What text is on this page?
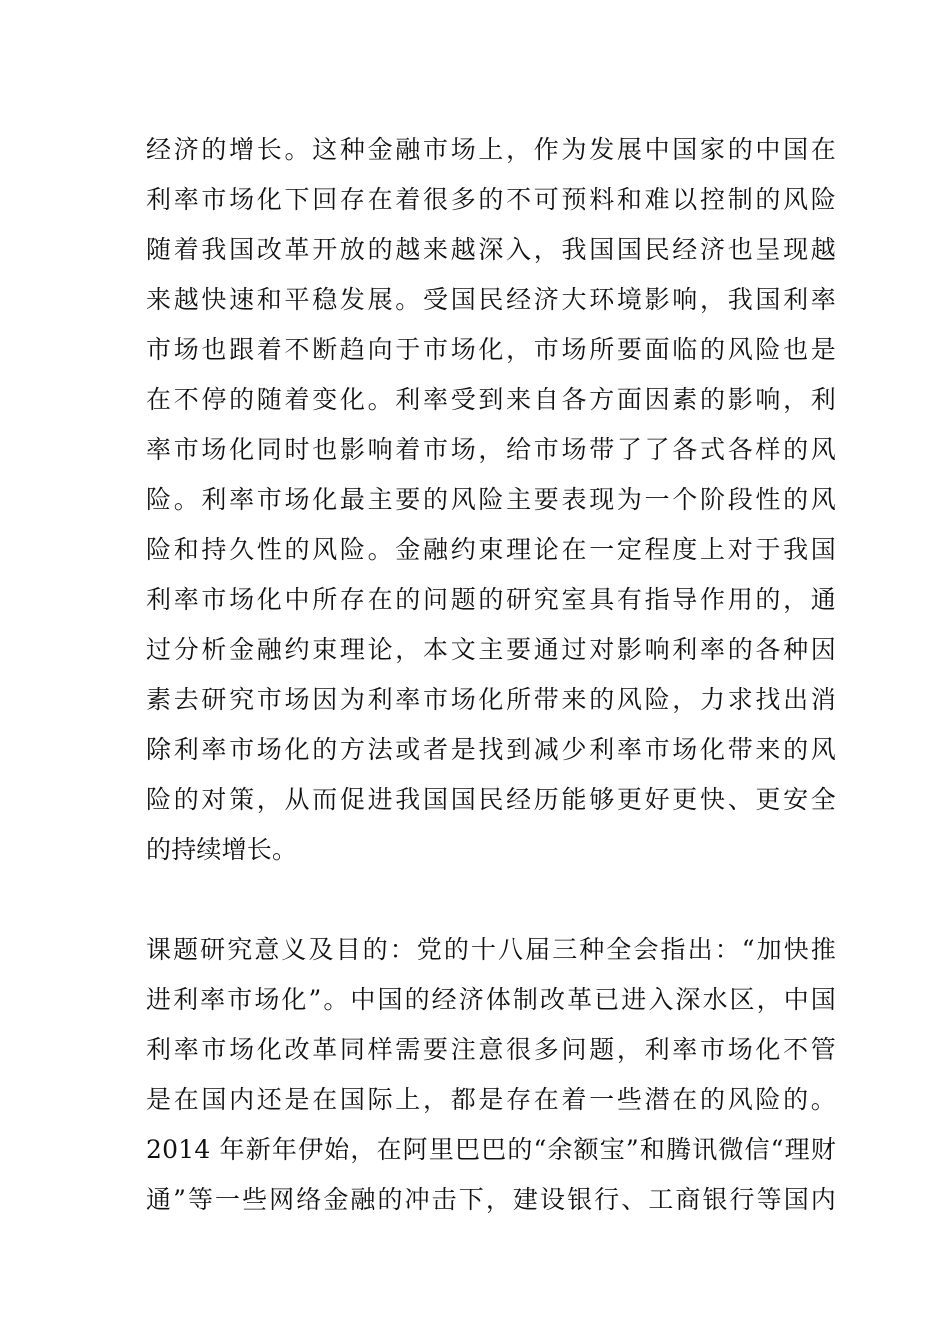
经济的增长。这种金融市场上，作为发展中国家的中国在
利率市场化下回存在着很多的不可预料和难以控制的风险
随着我国改革开放的越来越深入，我国国民经济也呈现越
来越快速和平稳发展。受国民经济大环境影响，我国利率
市场也跟着不断趋向于市场化，市场所要面临的风险也是
在不停的随着变化。利率受到来自各方面因素的影响，利
率市场化同时也影响着市场，给市场带了了各式各样的风
险。利率市场化最主要的风险主要表现为一个阶段性的风
险和持久性的风险。金融约束理论在一定程度上对于我国
利率市场化中所存在的问题的研究室具有指导作用的，通
过分析金融约束理论，本文主要通过对影响利率的各种因
素去研究市场因为利率市场化所带来的风险，力求找出消
除利率市场化的方法或者是找到减少利率市场化带来的风
险的对策，从而促进我国国民经历能够更好更快、更安全
的持续增长。
课题研究意义及目的：党的十八届三种全会指出：“加快推
进利率市场化”。中国的经济体制改革已进入深水区，中国
利率市场化改革同样需要注意很多问题，利率市场化不管
是在国内还是在国际上，都是存在着一些潜在的风险的。
2014 年新年伊始，在阿里巴巴的“余额宝”和腾讯微信“理财
通”等一些网络金融的冲击下，建设银行、工商银行等国内
